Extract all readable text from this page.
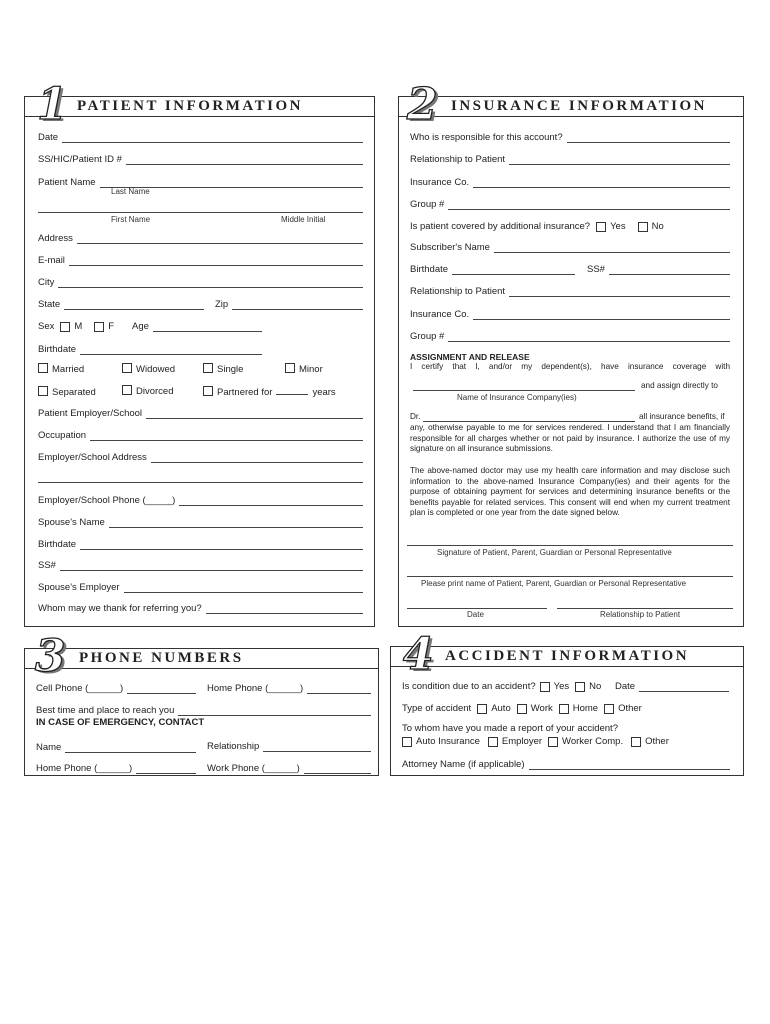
1 PATIENT INFORMATION
Date
SS/HIC/Patient ID #
Patient Name
Last Name
First Name	Middle Initial
Address
E-mail
City
State	Zip
Sex M	F Age
Birthdate
Married	Widowed	Single	Minor
Separated	Divorced	Partnered for	years
Patient Employer/School
Occupation
Employer/School Address
Employer/School Phone (_____)
Spouse's Name
Birthdate
SS#
Spouse's Employer
Whom may we thank for referring you?
2 INSURANCE INFORMATION
Who is responsible for this account?
Relationship to Patient
Insurance Co.
Group #
Is patient covered by additional insurance? Yes	No
Subscriber's Name
Birthdate	SS#
Relationship to Patient
Insurance Co.
Group #
ASSIGNMENT AND RELEASE
I certify that I, and/or my dependent(s), have insurance coverage with
and assign directly to
Name of Insurance Company(ies)
Dr.	all insurance benefits, if
any, otherwise payable to me for services rendered. I understand that I am financially responsible for all charges whether or not paid by insurance. I authorize the use of my signature on all insurance submissions.
The above-named doctor may use my health care information and may disclose such information to the above-named Insurance Company(ies) and their agents for the purpose of obtaining payment for services and determining insurance benefits or the benefits payable for related services. This consent will end when my current treatment plan is completed or one year from the date signed below.
Signature of Patient, Parent, Guardian or Personal Representative
Please print name of Patient, Parent, Guardian or Personal Representative
Date	Relationship to Patient
3 PHONE NUMBERS
Cell Phone (______)	Home Phone (______)
Best time and place to reach you
IN CASE OF EMERGENCY, CONTACT
Name	Relationship
Home Phone (______)	Work Phone (______)
4 ACCIDENT INFORMATION
Is condition due to an accident? Yes No Date
Type of accident Auto Work Home Other
To whom have you made a report of your accident?
Auto Insurance Employer Worker Comp. Other
Attorney Name (if applicable)
